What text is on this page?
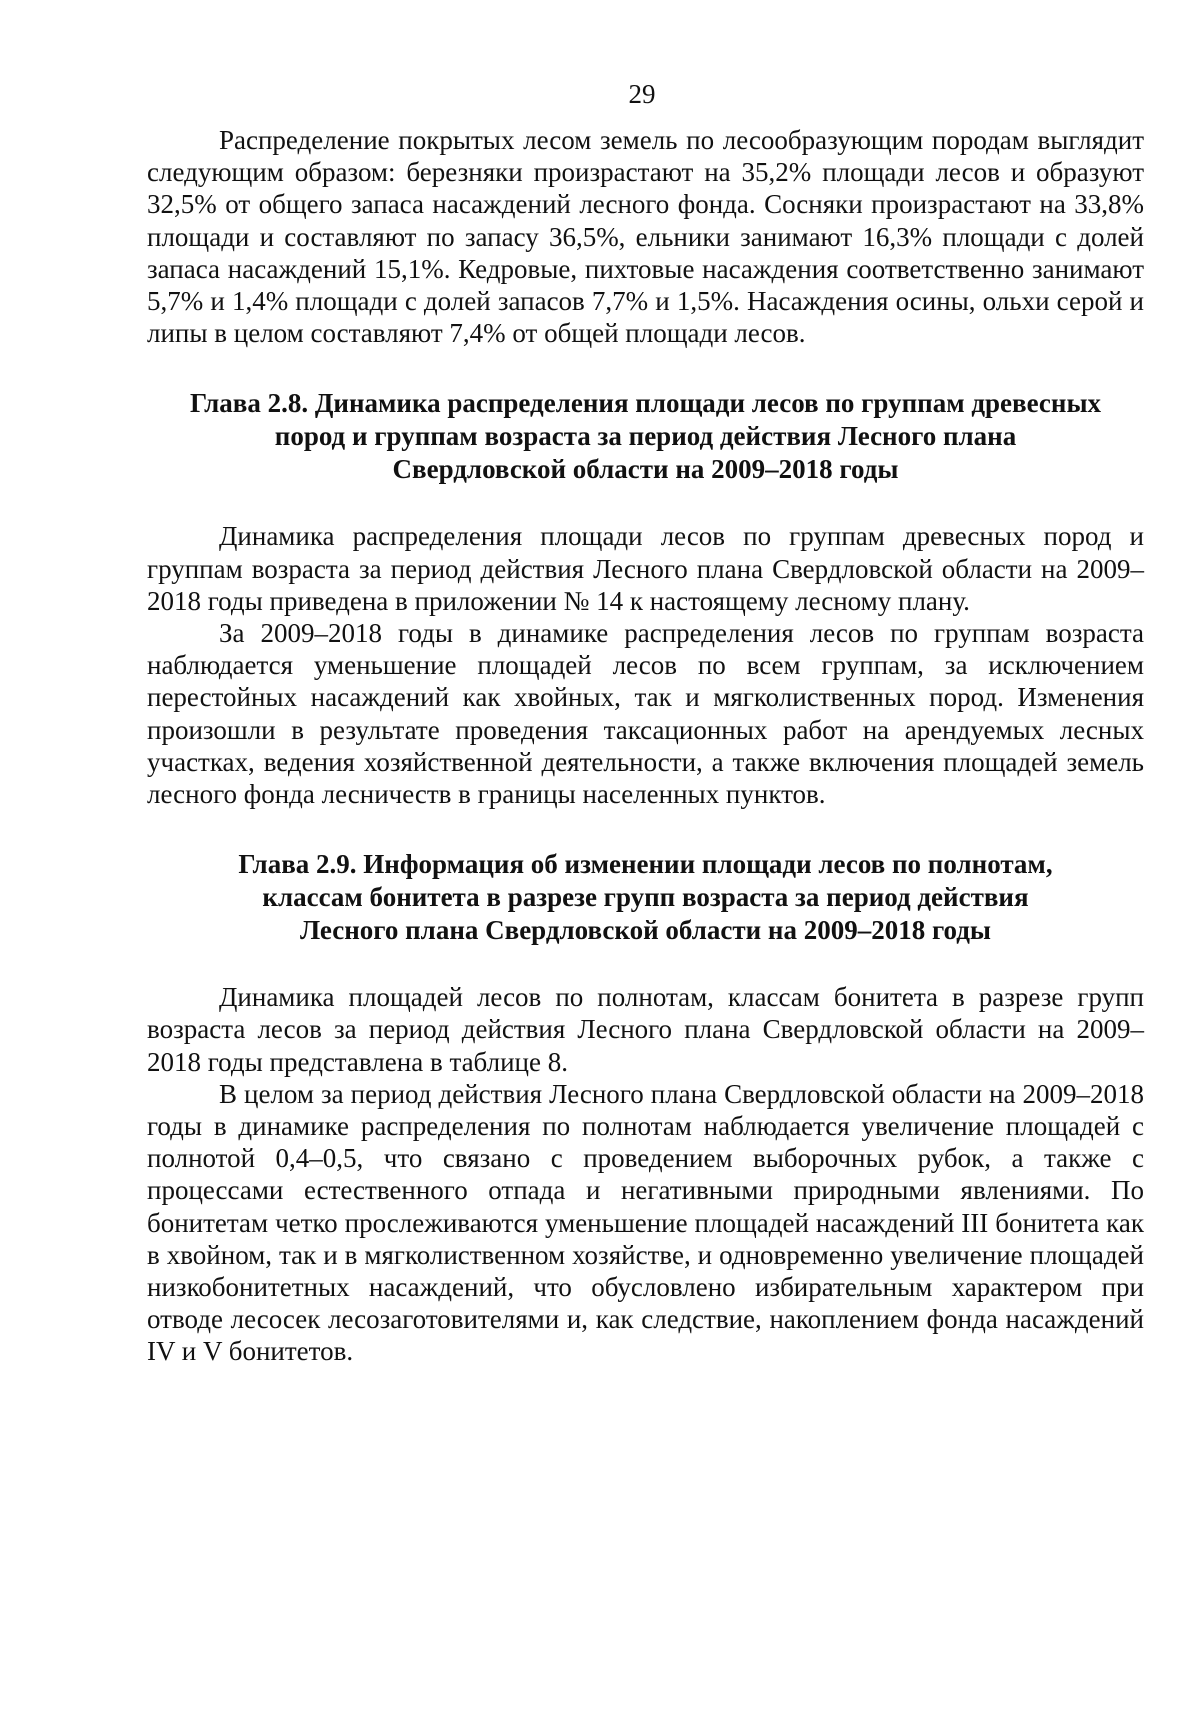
29

Распределение покрытых лесом земель по лесообразующим породам выглядит следующим образом: березняки произрастают на 35,2% площади лесов и образуют 32,5% от общего запаса насаждений лесного фонда. Сосняки произрастают на 33,8% площади и составляют по запасу 36,5%, ельники занимают 16,3% площади с долей запаса насаждений 15,1%. Кедровые, пихтовые насаждения соответственно занимают 5,7% и 1,4% площади с долей запасов 7,7% и 1,5%. Насаждения осины, ольхи серой и липы в целом составляют 7,4% от общей площади лесов.

Глава 2.8. Динамика распределения площади лесов по группам древесных
пород и группам возраста за период действия Лесного плана
Свердловской области на 2009–2018 годы

Динамика распределения площади лесов по группам древесных пород и группам возраста за период действия Лесного плана Свердловской области на 2009–2018 годы приведена в приложении № 14 к настоящему лесному плану.

За 2009–2018 годы в динамике распределения лесов по группам возраста наблюдается уменьшение площадей лесов по всем группам, за исключением перестойных насаждений как хвойных, так и мягколиственных пород. Изменения произошли в результате проведения таксационных работ на арендуемых лесных участках, ведения хозяйственной деятельности, а также включения площадей земель лесного фонда лесничеств в границы населенных пунктов.

Глава 2.9. Информация об изменении площади лесов по полнотам,
классам бонитета в разрезе групп возраста за период действия
Лесного плана Свердловской области на 2009–2018 годы

Динамика площадей лесов по полнотам, классам бонитета в разрезе групп возраста лесов за период действия Лесного плана Свердловской области на 2009–2018 годы представлена в таблице 8.

В целом за период действия Лесного плана Свердловской области на 2009–2018 годы в динамике распределения по полнотам наблюдается увеличение площадей с полнотой 0,4–0,5, что связано с проведением выборочных рубок, а также с процессами естественного отпада и негативными природными явлениями. По бонитетам четко прослеживаются уменьшение площадей насаждений III бонитета как в хвойном, так и в мягколиственном хозяйстве, и одновременно увеличение площадей низкобонитетных насаждений, что обусловлено избирательным характером при отводе лесосек лесозаготовителями и, как следствие, накоплением фонда насаждений IV и V бонитетов.
